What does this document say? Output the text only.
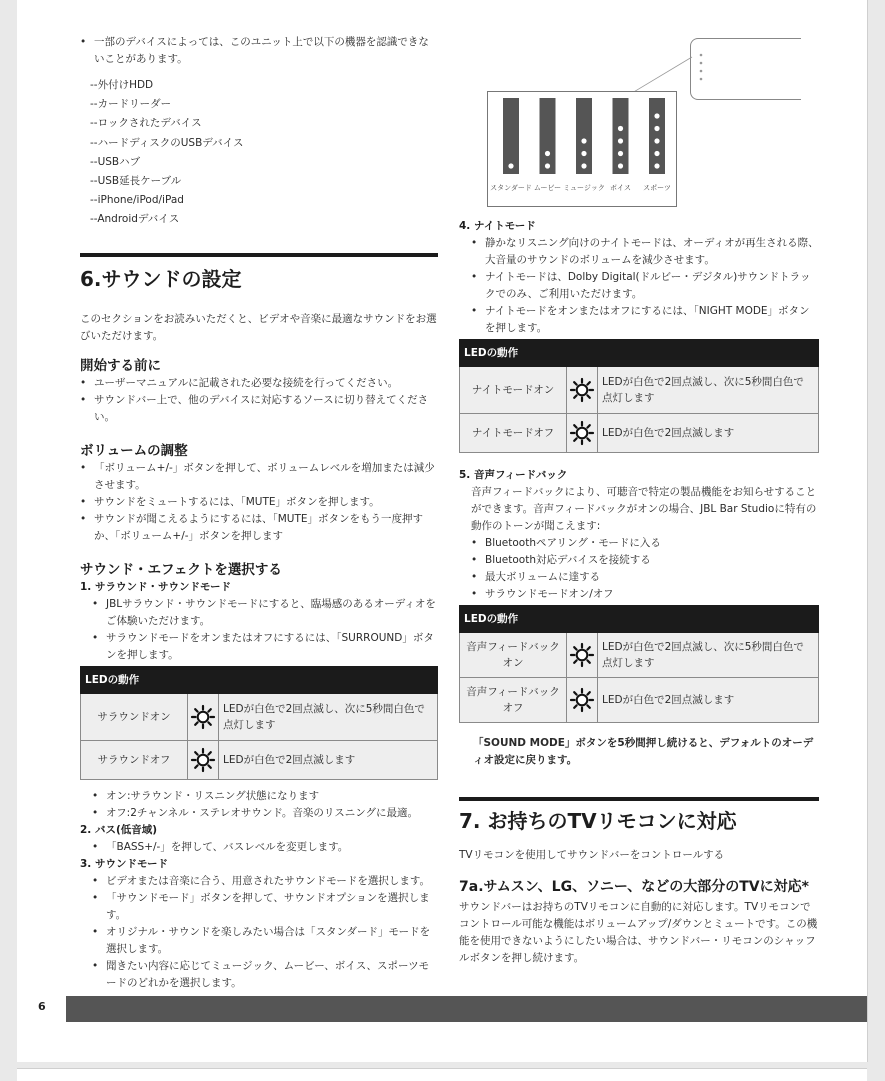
• 一部のデバイスによっては、このユニット上で以下の機器を認識できないことがあります。
--外付けHDD
--カードリーダー
--ロックされたデバイス
--ハードディスクのUSBデバイス
--USBハブ
--USB延長ケーブル
--iPhone/iPod/iPad
--Androidデバイス
6.サウンドの設定

このセクションをお読みいただくと、ビデオや音楽に最適なサウンドをお選びいただけます。

開始する前に
• ユーザーマニュアルに記載された必要な接続を行ってください。
• サウンドバー上で、他のデバイスに対応するソースに切り替えてください。
ボリュームの調整
• 「ボリューム+/-」ボタンを押して、ボリュームレベルを増加または減少させます。
• サウンドをミュートするには、「MUTE」ボタンを押します。
• サウンドが聞こえるようにするには、「MUTE」ボタンをもう一度押すか、「ボリューム+/-」ボタンを押します
サウンド・エフェクトを選択する
1. サラウンド・サウンドモード
• JBLサラウンド・サウンドモードにすると、臨場感のあるオーディオをご体験いただけます。
• サラウンドモードをオンまたはオフにするには、「SURROUND」ボタンを押します。
LEDの動作		
サラウンドオン		LEDが白色で2回点滅し、次に5秒間白色で点灯します
サラウンドオフ		LEDが白色で2回点滅します
• オン:サラウンド・リスニング状態になります
• オフ:2チャンネル・ステレオサウンド。音楽のリスニングに最適。
2. バス(低音域)
• 「BASS+/-」を押して、バスレベルを変更します。
3. サウンドモード
• ビデオまたは音楽に合う、用意されたサウンドモードを選択します。
• 「サウンドモード」ボタンを押して、サウンドオプションを選択します。
• オリジナル・サウンドを楽しみたい場合は「スタンダード」モードを選択します。
• 聞きたい内容に応じてミュージック、ムービー、ボイス、スポーツモードのどれかを選択します。
スタンダード ムービー ミュージック ボイス スポーツ
4. ナイトモード
• 静かなリスニング向けのナイトモードは、オーディオが再生される際、大音量のサウンドのボリュームを減少させます。
• ナイトモードは、Dolby Digital(ドルビー・デジタル)サウンドトラックでのみ、ご利用いただけます。
• ナイトモードをオンまたはオフにするには、「NIGHT MODE」ボタンを押します。
LEDの動作		
ナイトモードオン		LEDが白色で2回点滅し、次に5秒間白色で点灯します
ナイトモードオフ		LEDが白色で2回点滅します
5. 音声フィードバック

音声フィードバックにより、可聴音で特定の製品機能をお知らせすることができます。音声フィードバックがオンの場合、JBL Bar Studioに特有の動作のトーンが聞こえます:

• Bluetoothペアリング・モードに入る
• Bluetooth対応デバイスを接続する
• 最大ボリュームに達する
• サラウンドモードオン/オフ
LEDの動作		
音声フィードバックオン		LEDが白色で2回点滅し、次に5秒間白色で点灯します
音声フィードバックオフ		LEDが白色で2回点滅します

「SOUND MODE」ボタンを5秒間押し続けると、デフォルトのオーディオ設定に戻ります。

7. お持ちのTVリモコンに対応

TVリモコンを使用してサウンドバーをコントロールする

7a.サムスン、LG、ソニー、などの大部分のTVに対応*

サウンドバーはお持ちのTVリモコンに自動的に対応します。TVリモコンでコントロール可能な機能はボリュームアップ/ダウンとミュートです。この機能を使用できないようにしたい場合は、サウンドバー・リモコンのシャッフルボタンを押し続けます。

6
